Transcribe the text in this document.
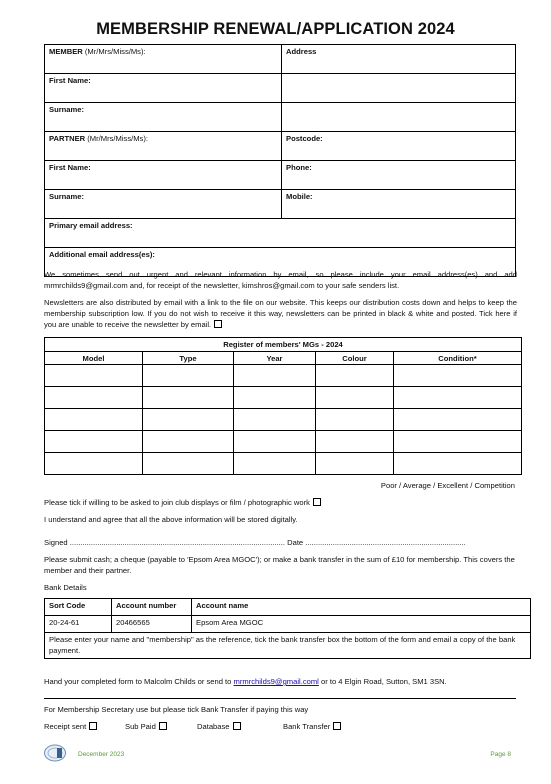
MEMBERSHIP RENEWAL/APPLICATION 2024
MEMBER (Mr/Mrs/Miss/Ms):	Address
First Name:	
Surname:	
PARTNER (Mr/Mrs/Miss/Ms):	Postcode:
First Name:	Phone:
Surname:	Mobile:
Primary email address:	
Additional email address(es):	

We sometimes send out urgent and relevant information by email, so please include your email address(es) and add mrmrchilds9@gmail.com and, for receipt of the newsletter, kimshros@gmail.com to your safe senders list.

Newsletters are also distributed by email with a link to the file on our website. This keeps our distribution costs down and helps to keep the membership subscription low. If you do not wish to receive it this way, newsletters can be printed in black & white and posted. Tick here if you are unable to receive the newsletter by email.

Register of members' MGs - 2024				
Model	Type	Year	Colour	Condition*

Poor / Average / Excellent / Competition
Please tick if willing to be asked to join club displays or film / photographic work
I understand and agree that all the above information will be stored digitally.
Signed ...................................................................................................... Date ............................................................................

Please submit cash; a cheque (payable to 'Epsom Area MGOC'); or make a bank transfer in the sum of £10 for membership. This covers the member and their partner.

Bank Details
Sort Code	Account number	Account name
20-24-61	20466565	Epsom Area MGOC
Please enter your name and "membership" as the reference, tick the bank transfer box the bottom of the form and email a copy of the bank payment.		
Hand your completed form to Malcolm Childs or send to mrmrchilds9@gmail.coml or to 4 Elgin Road, Sutton, SM1 3SN.
For Membership Secretary use but please tick Bank Transfer if paying this way
Receipt sent	Sub Paid	Database	Bank Transfer
December 2023	Page 8
